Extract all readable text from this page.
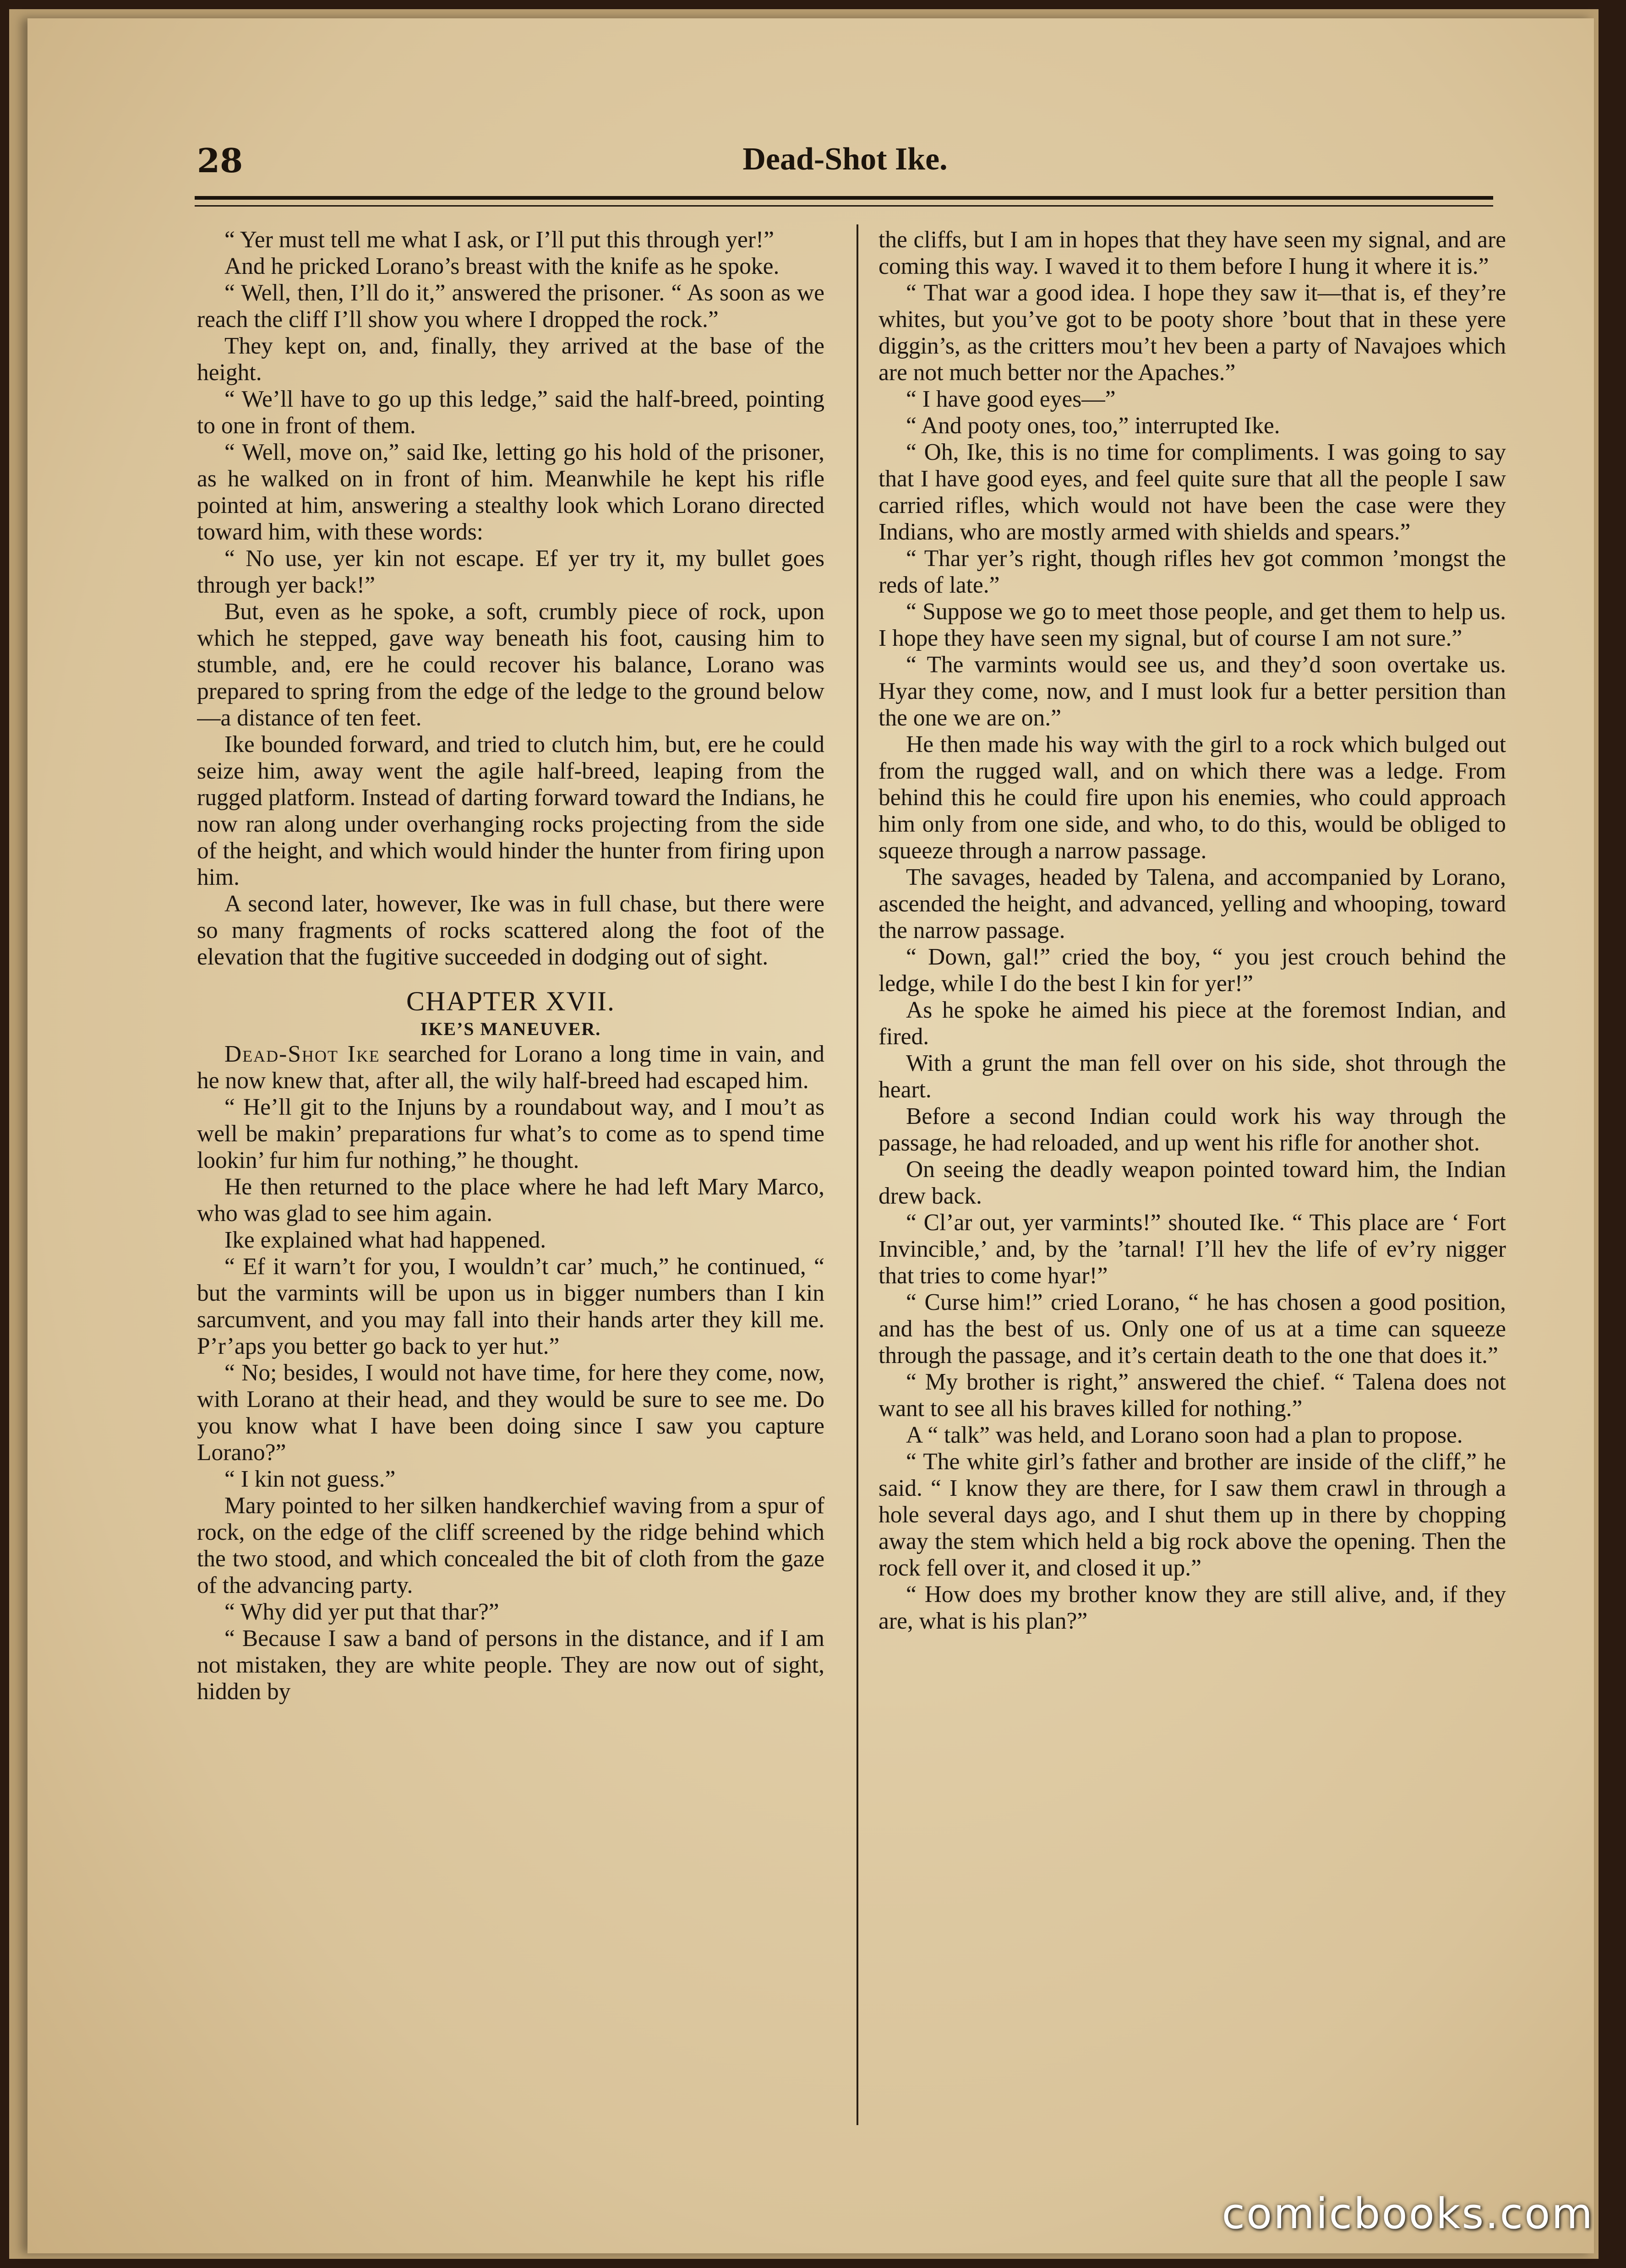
28	Dead-Shot Ike.

“ Yer must tell me what I ask, or I’ll put this through yer!”

And he pricked Lorano’s breast with the knife as he spoke.

“ Well, then, I’ll do it,” answered the prisoner. “ As soon as we reach the cliff I’ll show you where I dropped the rock.”

They kept on, and, finally, they arrived at the base of the height.

“ We’ll have to go up this ledge,” said the half-breed, pointing to one in front of them.

“ Well, move on,” said Ike, letting go his hold of the prisoner, as he walked on in front of him. Meanwhile he kept his rifle pointed at him, answering a stealthy look which Lorano directed toward him, with these words:

“ No use, yer kin not escape. Ef yer try it, my bullet goes through yer back!”

But, even as he spoke, a soft, crumbly piece of rock, upon which he stepped, gave way beneath his foot, causing him to stumble, and, ere he could recover his balance, Lorano was prepared to spring from the edge of the ledge to the ground below—a distance of ten feet.

Ike bounded forward, and tried to clutch him, but, ere he could seize him, away went the agile half-breed, leaping from the rugged platform. Instead of darting forward toward the Indians, he now ran along under overhanging rocks projecting from the side of the height, and which would hinder the hunter from firing upon him.

A second later, however, Ike was in full chase, but there were so many fragments of rocks scattered along the foot of the elevation that the fugitive succeeded in dodging out of sight.

CHAPTER XVII.
IKE’S MANEUVER.

Dead-Shot Ike searched for Lorano a long time in vain, and he now knew that, after all, the wily half-breed had escaped him.

“ He’ll git to the Injuns by a roundabout way, and I mou’t as well be makin’ preparations fur what’s to come as to spend time lookin’ fur him fur nothing,” he thought.

He then returned to the place where he had left Mary Marco, who was glad to see him again.

Ike explained what had happened.

“ Ef it warn’t for you, I wouldn’t car’ much,” he continued, “ but the varmints will be upon us in bigger numbers than I kin sarcumvent, and you may fall into their hands arter they kill me. P’r’aps you better go back to yer hut.”

“ No; besides, I would not have time, for here they come, now, with Lorano at their head, and they would be sure to see me. Do you know what I have been doing since I saw you capture Lorano?”

“ I kin not guess.”

Mary pointed to her silken handkerchief waving from a spur of rock, on the edge of the cliff screened by the ridge behind which the two stood, and which concealed the bit of cloth from the gaze of the advancing party.

“ Why did yer put that thar?”

“ Because I saw a band of persons in the distance, and if I am not mistaken, they are white people. They are now out of sight, hidden by

the cliffs, but I am in hopes that they have seen my signal, and are coming this way. I waved it to them before I hung it where it is.”

“ That war a good idea. I hope they saw it—that is, ef they’re whites, but you’ve got to be pooty shore ’bout that in these yere diggin’s, as the critters mou’t hev been a party of Navajoes which are not much better nor the Apaches.”

“ I have good eyes—”

“ And pooty ones, too,” interrupted Ike.

“ Oh, Ike, this is no time for compliments. I was going to say that I have good eyes, and feel quite sure that all the people I saw carried rifles, which would not have been the case were they Indians, who are mostly armed with shields and spears.”

“ Thar yer’s right, though rifles hev got common ’mongst the reds of late.”

“ Suppose we go to meet those people, and get them to help us. I hope they have seen my signal, but of course I am not sure.”

“ The varmints would see us, and they’d soon overtake us. Hyar they come, now, and I must look fur a better persition than the one we are on.”

He then made his way with the girl to a rock which bulged out from the rugged wall, and on which there was a ledge. From behind this he could fire upon his enemies, who could approach him only from one side, and who, to do this, would be obliged to squeeze through a narrow passage.

The savages, headed by Talena, and accompanied by Lorano, ascended the height, and advanced, yelling and whooping, toward the narrow passage.

“ Down, gal!” cried the boy, “ you jest crouch behind the ledge, while I do the best I kin for yer!”

As he spoke he aimed his piece at the foremost Indian, and fired.

With a grunt the man fell over on his side, shot through the heart.

Before a second Indian could work his way through the passage, he had reloaded, and up went his rifle for another shot.

On seeing the deadly weapon pointed toward him, the Indian drew back.

“ Cl’ar out, yer varmints!” shouted Ike. “ This place are ‘ Fort Invincible,’ and, by the ’tarnal! I’ll hev the life of ev’ry nigger that tries to come hyar!”

“ Curse him!” cried Lorano, “ he has chosen a good position, and has the best of us. Only one of us at a time can squeeze through the passage, and it’s certain death to the one that does it.”

“ My brother is right,” answered the chief. “ Talena does not want to see all his braves killed for nothing.”

A “ talk” was held, and Lorano soon had a plan to propose.

“ The white girl’s father and brother are inside of the cliff,” he said. “ I know they are there, for I saw them crawl in through a hole several days ago, and I shut them up in there by chopping away the stem which held a big rock above the opening. Then the rock fell over it, and closed it up.”

“ How does my brother know they are still alive, and, if they are, what is his plan?”

comicbooks.com
